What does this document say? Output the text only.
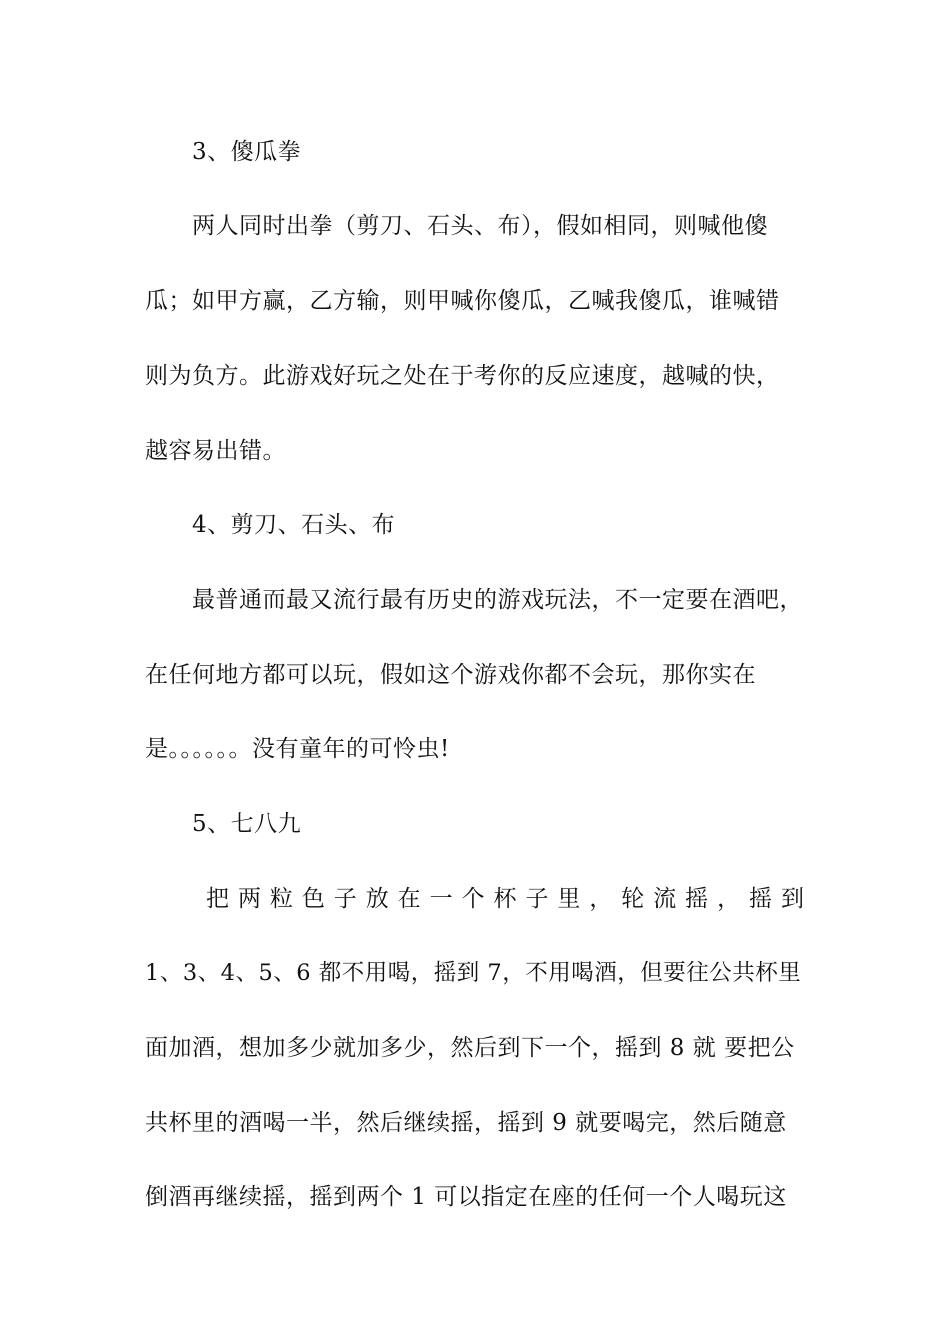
3、傻瓜拳
两人同时出拳（剪刀、石头、布），假如相同，则喊他傻
瓜；如甲方赢，乙方输，则甲喊你傻瓜，乙喊我傻瓜，谁喊错
则为负方。此游戏好玩之处在于考你的反应速度，越喊的快，
越容易出错。
4、剪刀、石头、布
最普通而最又流行最有历史的游戏玩法，不一定要在酒吧，
在任何地方都可以玩，假如这个游戏你都不会玩，那你实在
是。。。。。。没有童年的可怜虫!
5、七八九
把两粒色子放在一个杯子里，轮流摇，摇到
1、3、4、5、6 都不用喝，摇到 7，不用喝酒，但要往公共杯里
面加酒，想加多少就加多少，然后到下一个，摇到 8 就 要把公
共杯里的酒喝一半，然后继续摇，摇到 9 就要喝完，然后随意
倒酒再继续摇，摇到两个 1 可以指定在座的任何一个人喝玩这
